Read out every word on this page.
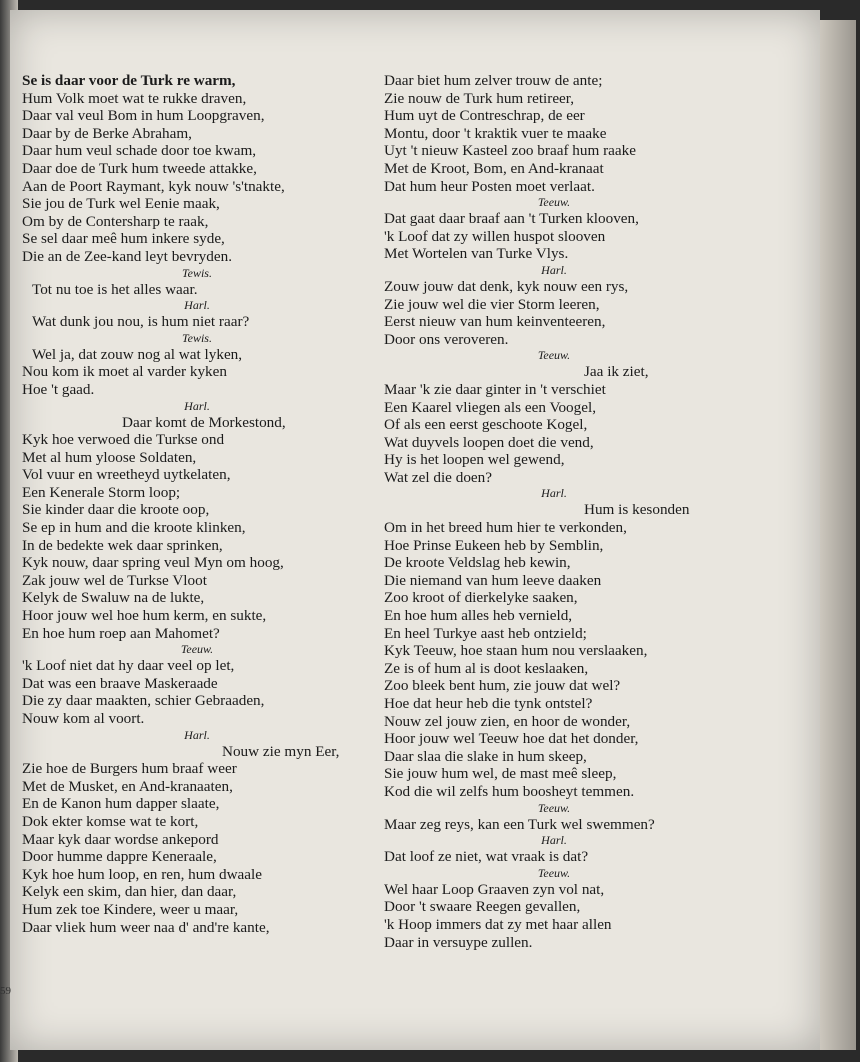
Se is daar voor de Turk re warm,
Hum Volk moet wat te rukke draven,
Daar val veul Bom in hum Loopgraven,
Daar by de Berke Abraham,
Daar hum veul schade door toe kwam,
Daar doe de Turk hum tweede attakke,
Aan de Poort Raymant, kyk nouw 's'tnakte,
Sie jou de Turk wel Eenie maak,
Om by de Contersharp te raak,
Se sel daar meê hum inkere syde,
Die an de Zee-kand leyt bevryden.
Tewis.
Tot nu toe is het alles waar.
Harl.
Wat dunk jou nou, is hum niet raar?
Tewis.
Wel ja, dat zouw nog al wat lyken,
Nou kom ik moet al varder kyken
Hoe 't gaad.
Harl.
Daar komt de Morkestond,
Kyk hoe verwoed die Turkse ond
Met al hum yloose Soldaten,
Vol vuur en wreetheyd uytkelaten,
Een Kenerale Storm loop;
Sie kinder daar die kroote oop,
Se ep in hum and die kroote klinken,
In de bedekte wek daar sprinken,
Kyk nouw, daar spring veul Myn om hoog,
Zak jouw wel de Turkse Vloot
Kelyk de Swaluw na de lukte,
Hoor jouw wel hoe hum kerm, en sukte,
En hoe hum roep aan Mahomet?
Teeuw.
'k Loof niet dat hy daar veel op let,
Dat was een braave Maskeraade
Die zy daar maakten, schier Gebraaden,
Nouw kom al voort.
Harl.
Nouw zie myn Eer,
Zie hoe de Burgers hum braaf weer
Met de Musket, en And-kranaaten,
En de Kanon hum dapper slaate,
Dok ekter komse wat te kort,
Maar kyk daar wordse ankepord
Door humme dappre Keneraale,
Kyk hoe hum loop, en ren, hum dwaale
Kelyk een skim, dan hier, dan daar,
Hum zek toe Kindere, weer u maar,
Daar vliek hum weer naa d' and're kante,
Daar biet hum zelver trouw de ante;
Zie nouw de Turk hum retireer,
Hum uyt de Contreschrap, de eer
Montu, door 't kraktik vuer te maake
Uyt 't nieuw Kasteel zoo braaf hum raake
Met de Kroot, Bom, en And-kranaat
Dat hum heur Posten moet verlaat.
Teeuw.
Dat gaat daar braaf aan 't Turken klooven,
'k Loof dat zy willen huspot slooven
Met Wortelen van Turke Vlys.
Harl.
Zouw jouw dat denk, kyk nouw een rys,
Zie jouw wel die vier Storm leeren,
Eerst nieuw van hum keinventeeren,
Door ons veroveren.
Teeuw.
Jaa ik ziet,
Maar 'k zie daar ginter in 't verschiet
Een Kaarel vliegen als een Voogel,
Of als een eerst geschoote Kogel,
Wat duyvels loopen doet die vend,
Hy is het loopen wel gewend,
Wat zel die doen?
Harl.
Hum is kesonden
Om in het breed hum hier te verkonden,
Hoe Prinse Eukeen heb by Semblin,
De kroote Veldslag heb kewin,
Die niemand van hum leeve daaken
Zoo kroot of dierkelyke saaken,
En hoe hum alles heb vernield,
En heel Turkye aast heb ontzield;
Kyk Teeuw, hoe staan hum nou verslaaken,
Ze is of hum al is doot keslaaken,
Zoo bleek bent hum, zie jouw dat wel?
Hoe dat heur heb die tynk ontstel?
Nouw zel jouw zien, en hoor de wonder,
Hoor jouw wel Teeuw hoe dat het donder,
Daar slaa die slake in hum skeep,
Sie jouw hum wel, de mast meê sleep,
Kod die wil zelfs hum boosheyt temmen.
Teeuw.
Maar zeg reys, kan een Turk wel swemmen?
Harl.
Dat loof ze niet, wat vraak is dat?
Teeuw.
Wel haar Loop Graaven zyn vol nat,
Door 't swaare Reegen gevallen,
'k Hoop immers dat zy met haar allen
Daar in versuype zullen.
59
